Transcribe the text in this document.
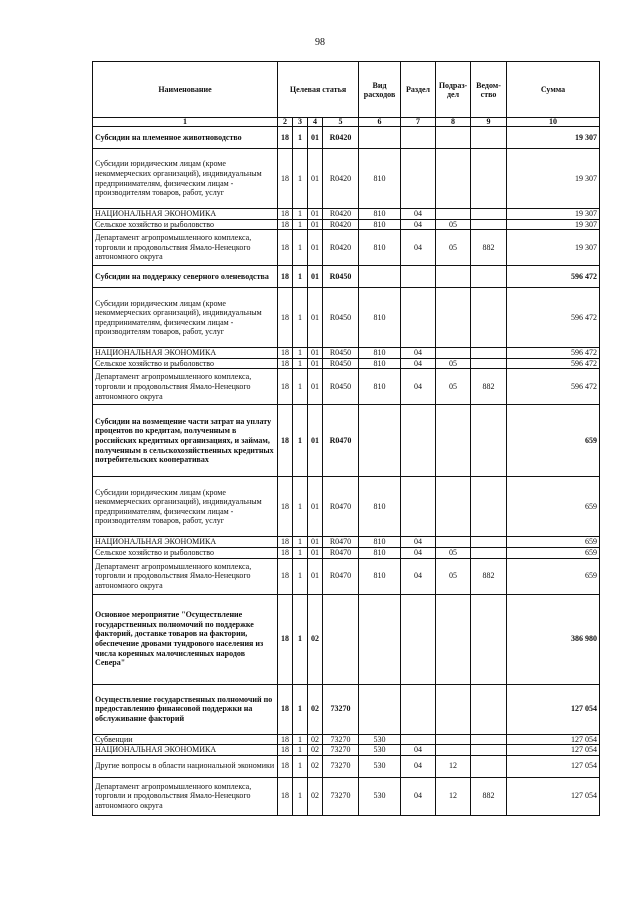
98
Наименование	Целевая статья				Вид расходов	Раздел	Подраз-дел	Ведом-ство	Сумма
1	2	3	4	5	6	7	8	9	10
Субсидии на племенное животноводство	18	1	01	R0420					19 307
Субсидии юридическим лицам (кроме некоммерческих организаций), индивидуальным предпринимателям, физическим лицам - производителям товаров, работ, услуг	18	1	01	R0420	810				19 307
НАЦИОНАЛЬНАЯ ЭКОНОМИКА	18	1	01	R0420	810	04			19 307
Сельское хозяйство и рыболовство	18	1	01	R0420	810	04	05		19 307
Департамент агропромышленного комплекса, торговли и продовольствия Ямало-Ненецкого автономного округа	18	1	01	R0420	810	04	05	882	19 307
Субсидии на поддержку северного оленеводства	18	1	01	R0450					596 472
Субсидии юридическим лицам (кроме некоммерческих организаций), индивидуальным предпринимателям, физическим лицам - производителям товаров, работ, услуг	18	1	01	R0450	810				596 472
НАЦИОНАЛЬНАЯ ЭКОНОМИКА	18	1	01	R0450	810	04			596 472
Сельское хозяйство и рыболовство	18	1	01	R0450	810	04	05		596 472
Департамент агропромышленного комплекса, торговли и продовольствия Ямало-Ненецкого автономного округа	18	1	01	R0450	810	04	05	882	596 472
Субсидии на возмещение части затрат на уплату процентов по кредитам, полученным в российских кредитных организациях, и займам, полученным в сельскохозяйственных кредитных потребительских кооперативах	18	1	01	R0470					659
Субсидии юридическим лицам (кроме некоммерческих организаций), индивидуальным предпринимателям, физическим лицам - производителям товаров, работ, услуг	18	1	01	R0470	810				659
НАЦИОНАЛЬНАЯ ЭКОНОМИКА	18	1	01	R0470	810	04			659
Сельское хозяйство и рыболовство	18	1	01	R0470	810	04	05		659
Департамент агропромышленного комплекса, торговли и продовольствия Ямало-Ненецкого автономного округа	18	1	01	R0470	810	04	05	882	659
Основное мероприятие "Осуществление государственных полномочий по поддержке факторий, доставке товаров на фактории, обеспечение дровами тундрового населения из числа коренных малочисленных народов Севера"	18	1	02						386 980
Осуществление государственных полномочий по предоставлению финансовой поддержки на обслуживание факторий	18	1	02	73270					127 054
Субвенции	18	1	02	73270	530				127 054
НАЦИОНАЛЬНАЯ ЭКОНОМИКА	18	1	02	73270	530	04			127 054
Другие вопросы в области национальной экономики	18	1	02	73270	530	04	12		127 054
Департамент агропромышленного комплекса, торговли и продовольствия Ямало-Ненецкого автономного округа	18	1	02	73270	530	04	12	882	127 054
